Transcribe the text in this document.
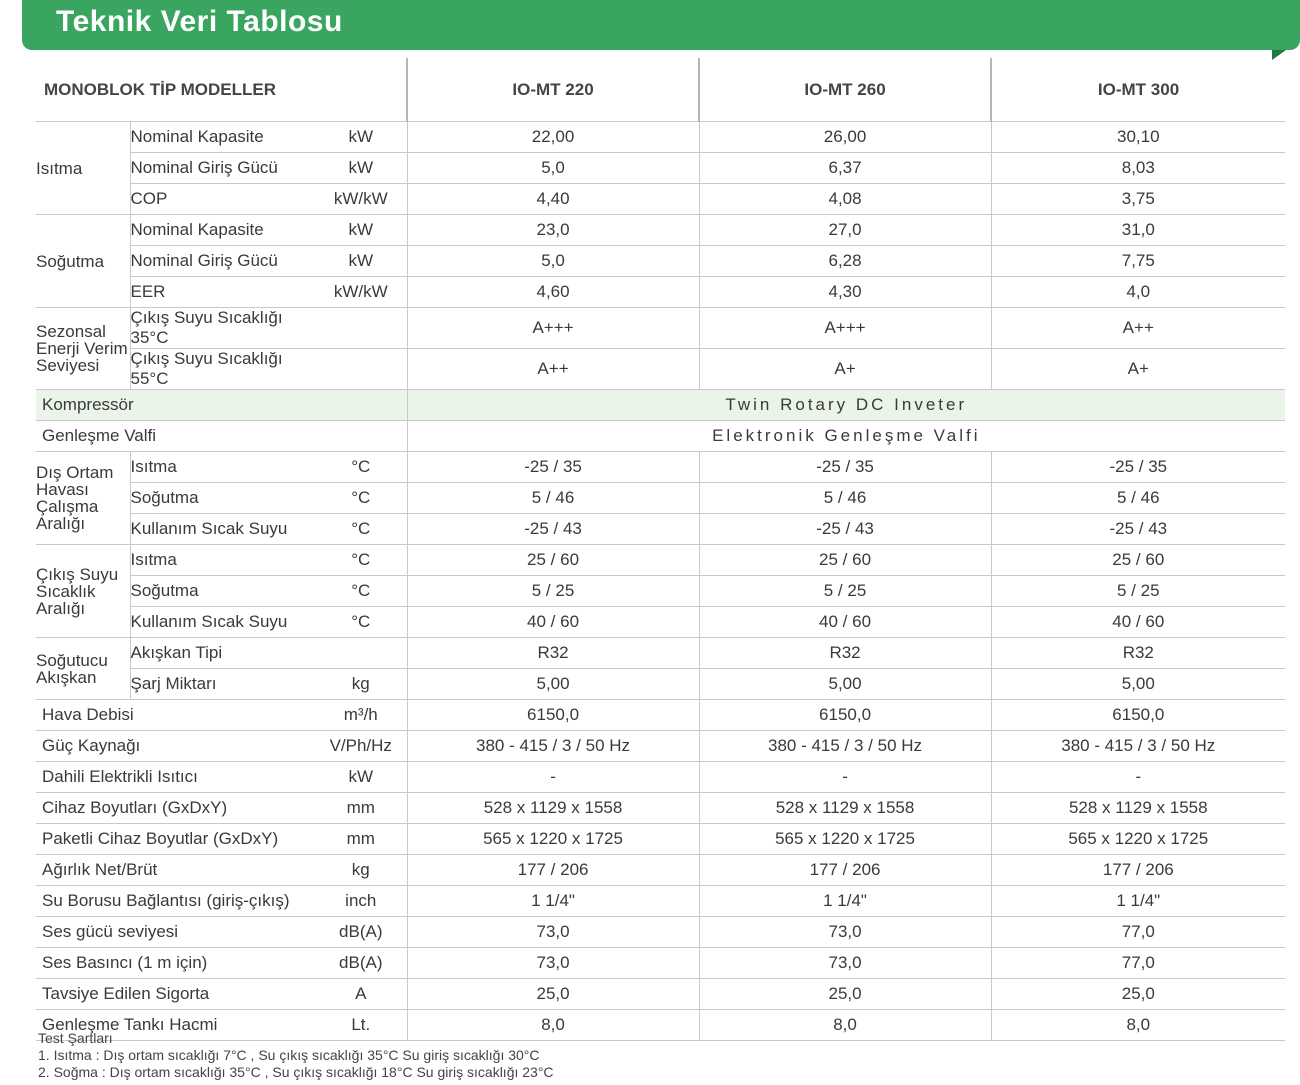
Teknik Veri Tablosu
MONOBLOK TİP MODELLER			IO-MT 220	IO-MT 260	IO-MT 300
Isıtma	Nominal Kapasite	kW	22,00	26,00	30,10
	Nominal Giriş Gücü	kW	5,0	6,37	8,03
	COP	kW/kW	4,40	4,08	3,75
Soğutma	Nominal Kapasite	kW	23,0	27,0	31,0
	Nominal Giriş Gücü	kW	5,0	6,28	7,75
	EER	kW/kW	4,60	4,30	4,0
Sezonsal Enerji Verim Seviyesi	Çıkış Suyu Sıcaklığı 35°C		A+++	A+++	A++
	Çıkış Suyu Sıcaklığı 55°C		A++	A+	A+
Kompressör			Twin Rotary DC Inveter		
Genleşme Valfi			Elektronik Genleşme Valfi		
Dış Ortam Havası Çalışma Aralığı	Isıtma	°C	-25 / 35	-25 / 35	-25 / 35
	Soğutma	°C	5 / 46	5 / 46	5 / 46
	Kullanım Sıcak Suyu	°C	-25 / 43	-25 / 43	-25 / 43
Çıkış Suyu Sıcaklık Aralığı	Isıtma	°C	25 / 60	25 / 60	25 / 60
	Soğutma	°C	5 / 25	5 / 25	5 / 25
	Kullanım Sıcak Suyu	°C	40 / 60	40 / 60	40 / 60
Soğutucu Akışkan	Akışkan Tipi		R32	R32	R32
	Şarj Miktarı	kg	5,00	5,00	5,00
Hava Debisi		m³/h	6150,0	6150,0	6150,0
Güç Kaynağı		V/Ph/Hz	380 - 415 / 3 / 50 Hz	380 - 415 / 3 / 50 Hz	380 - 415 / 3 / 50 Hz
Dahili Elektrikli Isıtıcı		kW	-	-	-
Cihaz Boyutları (GxDxY)		mm	528 x 1129 x 1558	528 x 1129 x 1558	528 x 1129 x 1558
Paketli Cihaz Boyutlar (GxDxY)		mm	565 x 1220 x 1725	565 x 1220 x 1725	565 x 1220 x 1725
Ağırlık Net/Brüt		kg	177 / 206	177 / 206	177 / 206
Su Borusu Bağlantısı (giriş-çıkış)		inch	1 1/4"	1 1/4"	1 1/4"
Ses gücü seviyesi		dB(A)	73,0	73,0	77,0
Ses Basıncı (1 m için)		dB(A)	73,0	73,0	77,0
Tavsiye Edilen Sigorta		A	25,0	25,0	25,0
Genleşme Tankı Hacmi		Lt.	8,0	8,0	8,0
Test Şartları
1. Isıtma : Dış ortam sıcaklığı 7°C , Su çıkış sıcaklığı 35°C Su giriş sıcaklığı 30°C
2. Soğma : Dış ortam sıcaklığı 35°C , Su çıkış sıcaklığı 18°C Su giriş sıcaklığı 23°C
